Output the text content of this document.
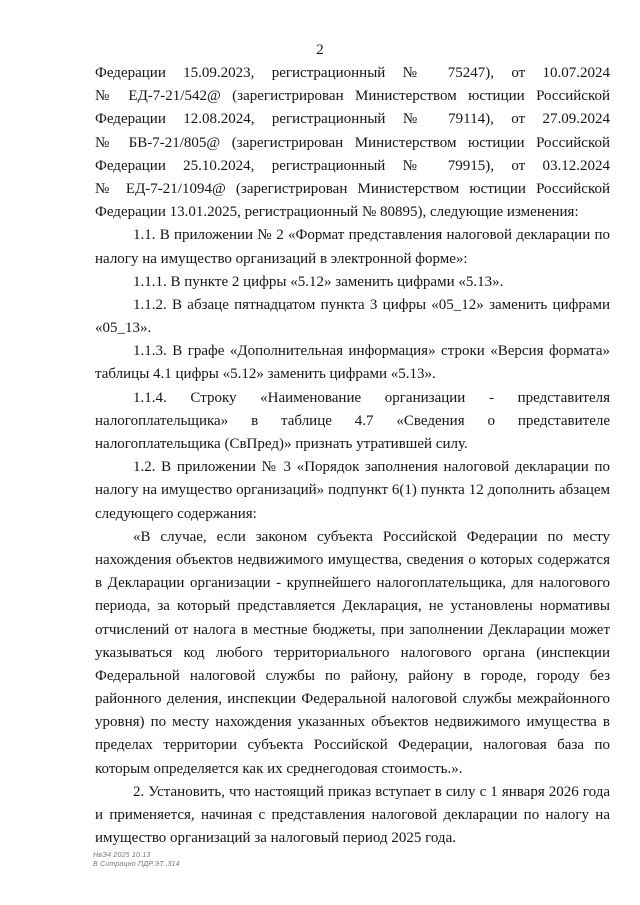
2
Федерации 15.09.2023, регистрационный № 75247), от 10.07.2024
№ ЕД-7-21/542@ (зарегистрирован Министерством юстиции Российской
Федерации 12.08.2024, регистрационный № 79114), от 27.09.2024
№ БВ-7-21/805@ (зарегистрирован Министерством юстиции Российской
Федерации 25.10.2024, регистрационный № 79915), от 03.12.2024
№ ЕД-7-21/1094@ (зарегистрирован Министерством юстиции Российской
Федерации 13.01.2025, регистрационный № 80895), следующие изменения:
1.1. В приложении № 2 «Формат представления налоговой декларации по
налогу на имущество организаций в электронной форме»:
1.1.1. В пункте 2 цифры «5.12» заменить цифрами «5.13».
1.1.2. В абзаце пятнадцатом пункта 3 цифры «05_12» заменить цифрами
«05_13».
1.1.3. В графе «Дополнительная информация» строки «Версия формата»
таблицы 4.1 цифры «5.12» заменить цифрами «5.13».
1.1.4. Строку «Наименование организации - представителя
налогоплательщика» в таблице 4.7 «Сведения о представителе
налогоплательщика (СвПред)» признать утратившей силу.
1.2. В приложении № 3 «Порядок заполнения налоговой декларации по
налогу на имущество организаций» подпункт 6(1) пункта 12 дополнить абзацем
следующего содержания:
«В случае, если законом субъекта Российской Федерации по месту
нахождения объектов недвижимого имущества, сведения о которых содержатся
в Декларации организации - крупнейшего налогоплательщика, для налогового
периода, за который представляется Декларация, не установлены нормативы
отчислений от налога в местные бюджеты, при заполнении Декларации может
указываться код любого территориального налогового органа (инспекции
Федеральной налоговой службы по району, району в городе, городу без
районного деления, инспекции Федеральной налоговой службы межрайонного
уровня) по месту нахождения указанных объектов недвижимого имущества в
пределах территории субъекта Российской Федерации, налоговая база по
которым определяется как их среднегодовая стоимость.».
2. Установить, что настоящий приказ вступает в силу с 1 января 2026 года
и применяется, начиная с представления налоговой декларации по налогу на
имущество организаций за налоговый период 2025 года.
НвЭ4 2025 10.13
В Ситрацно ПДР.ЭТ..314
